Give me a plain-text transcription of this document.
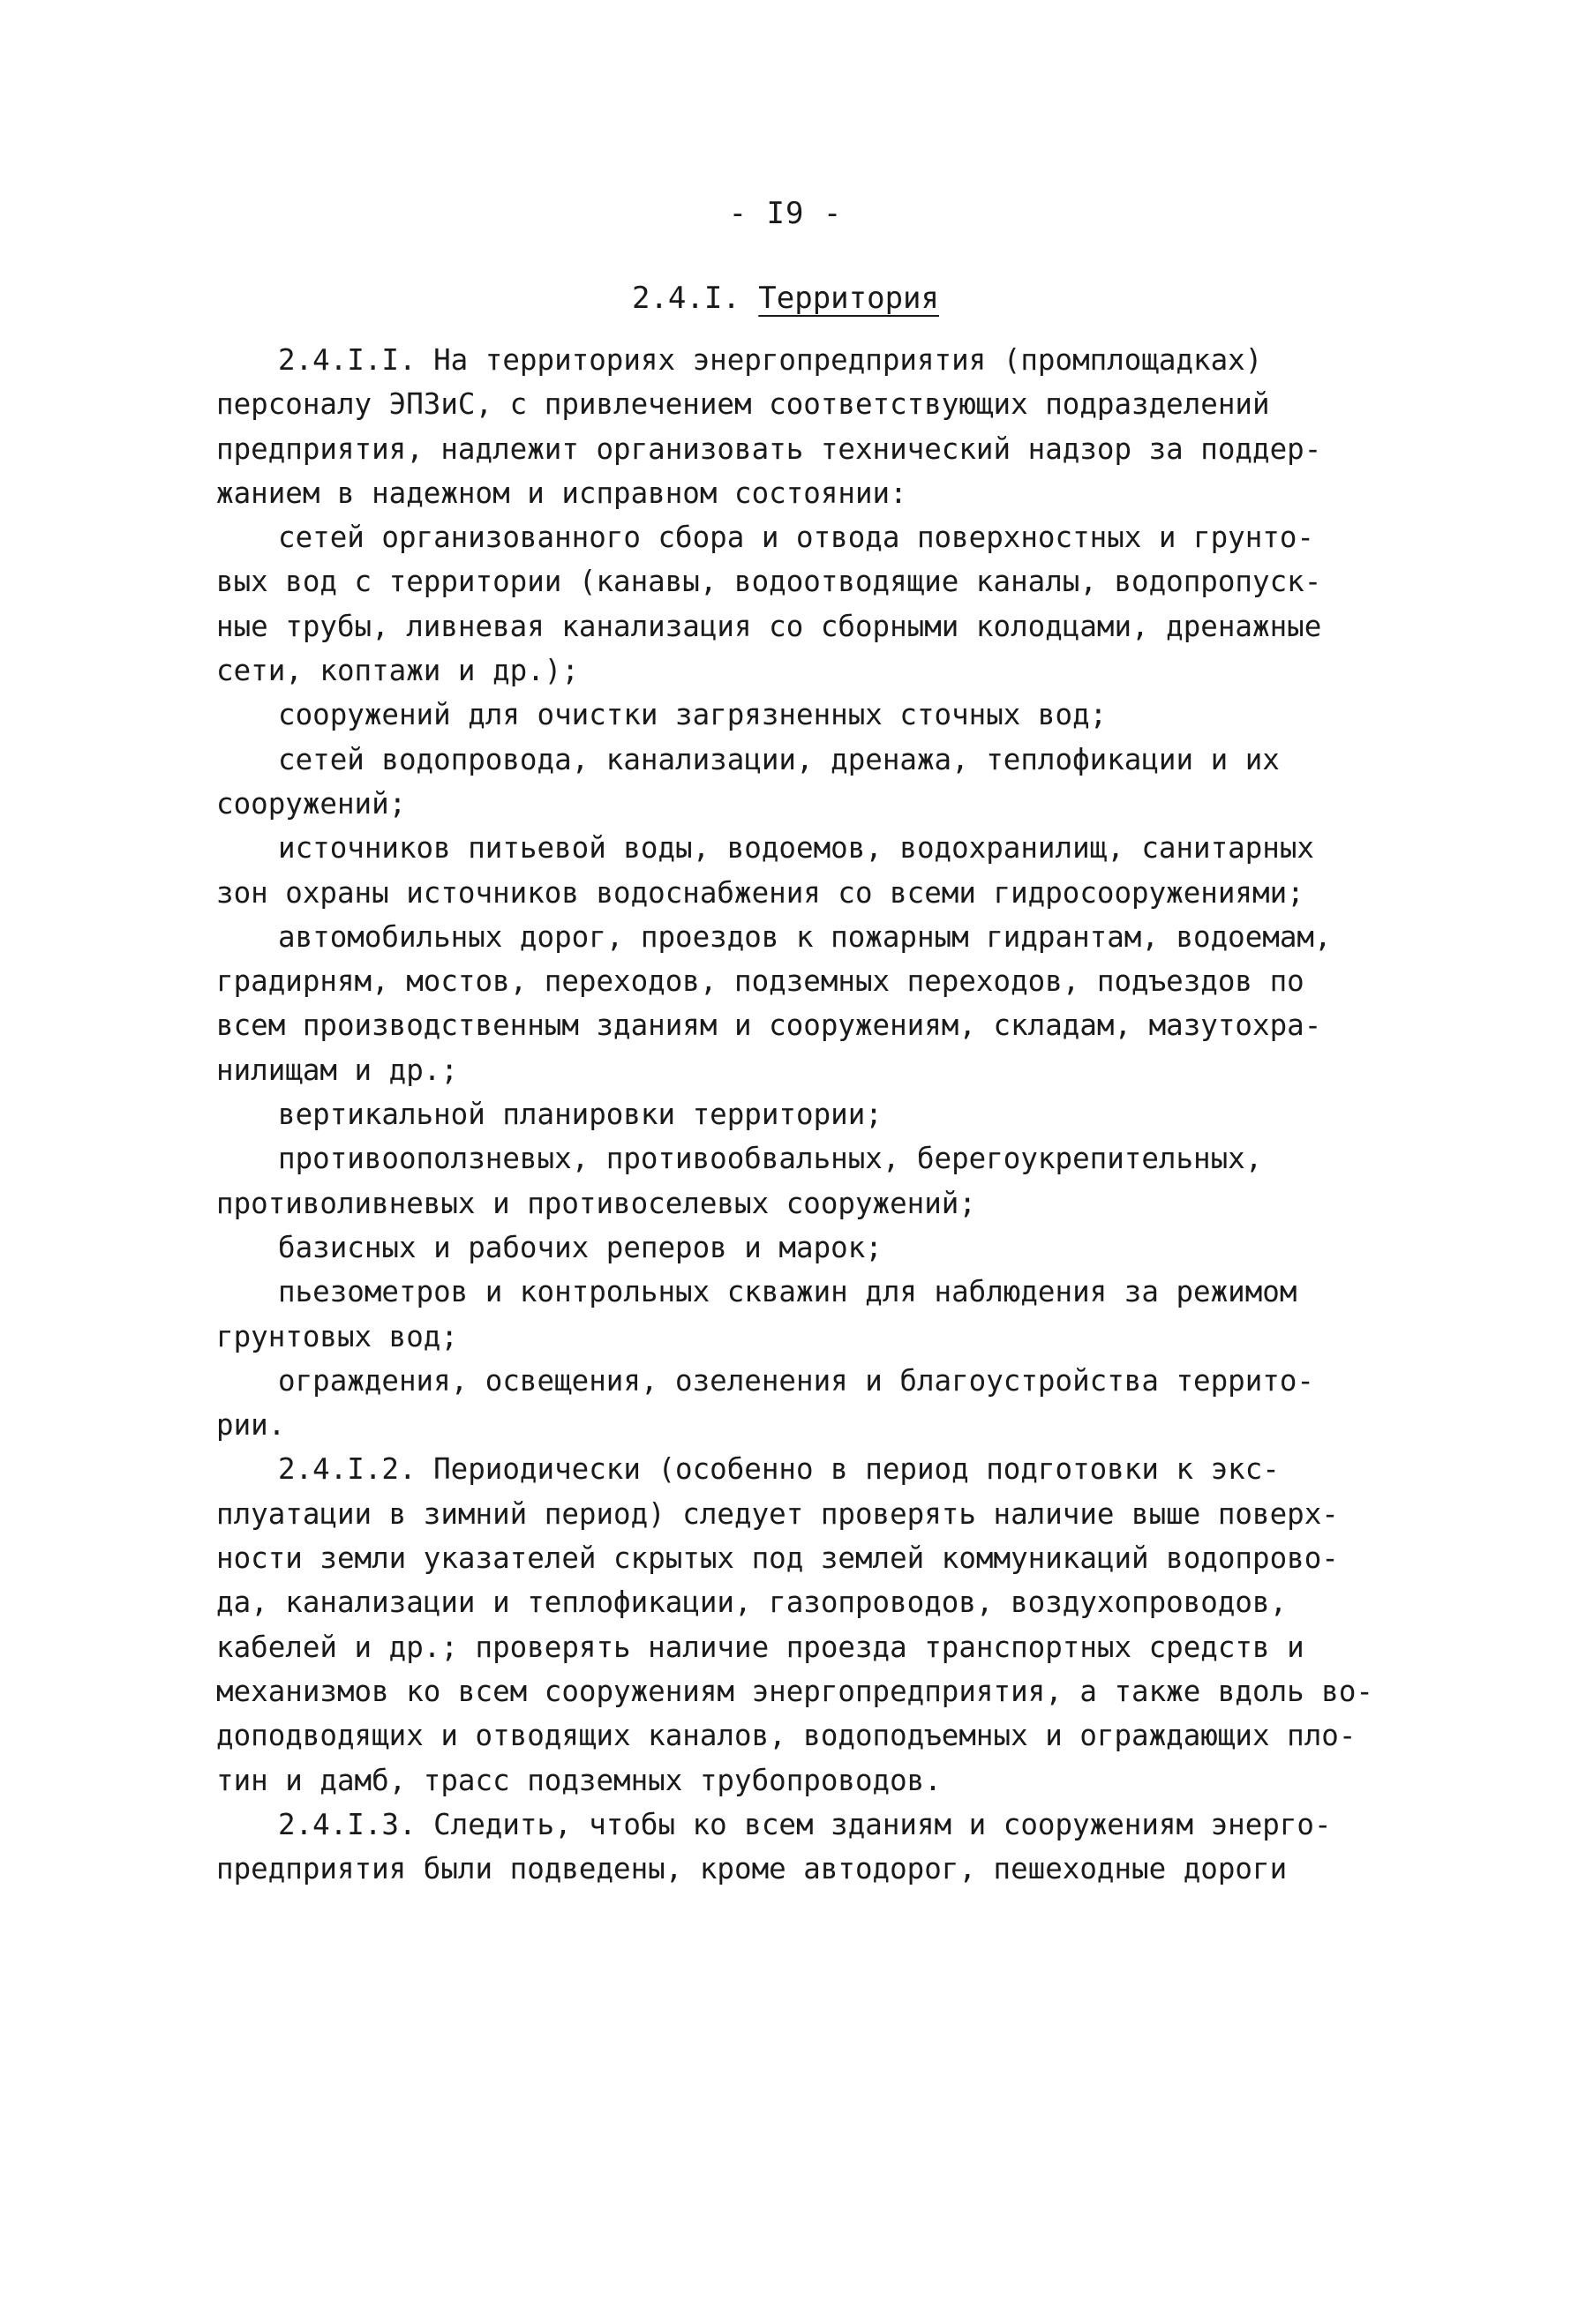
- I9 -
2.4.I. Территория
2.4.I.I. На территориях энергопредприятия (промплощадках)
персоналу ЭПЗиС, с привлечением соответствующих подразделений
предприятия, надлежит организовать технический надзор за поддер-
жанием в надежном и исправном состоянии:
сетей организованного сбора и отвода поверхностных и грунто-
вых вод с территории (канавы, водоотводящие каналы, водопропуск-
ные трубы, ливневая канализация со сборными колодцами, дренажные
сети, коптажи и др.);
сооружений для очистки загрязненных сточных вод;
сетей водопровода, канализации, дренажа, теплофикации и их
сооружений;
источников питьевой воды, водоемов, водохранилищ, санитарных
зон охраны источников водоснабжения со всеми гидросооружениями;
автомобильных дорог, проездов к пожарным гидрантам, водоемам,
градирням, мостов, переходов, подземных переходов, подъездов по
всем производственным зданиям и сооружениям, складам, мазутохра-
нилищам и др.;
вертикальной планировки территории;
противооползневых, противообвальных, берегоукрепительных,
противоливневых и противоселевых сооружений;
базисных и рабочих реперов и марок;
пьезометров и контрольных скважин для наблюдения за режимом
грунтовых вод;
ограждения, освещения, озеленения и благоустройства террито-
рии.
2.4.I.2. Периодически (особенно в период подготовки к экс-
плуатации в зимний период) следует проверять наличие выше поверх-
ности земли указателей скрытых под землей коммуникаций водопрово-
да, канализации и теплофикации, газопроводов, воздухопроводов,
кабелей и др.; проверять наличие проезда транспортных средств и
механизмов ко всем сооружениям энергопредприятия, а также вдоль во-
доподводящих и отводящих каналов, водоподъемных и ограждающих пло-
тин и дамб, трасс подземных трубопроводов.
2.4.I.3. Следить, чтобы ко всем зданиям и сооружениям энерго-
предприятия были подведены, кроме автодорог, пешеходные дороги
